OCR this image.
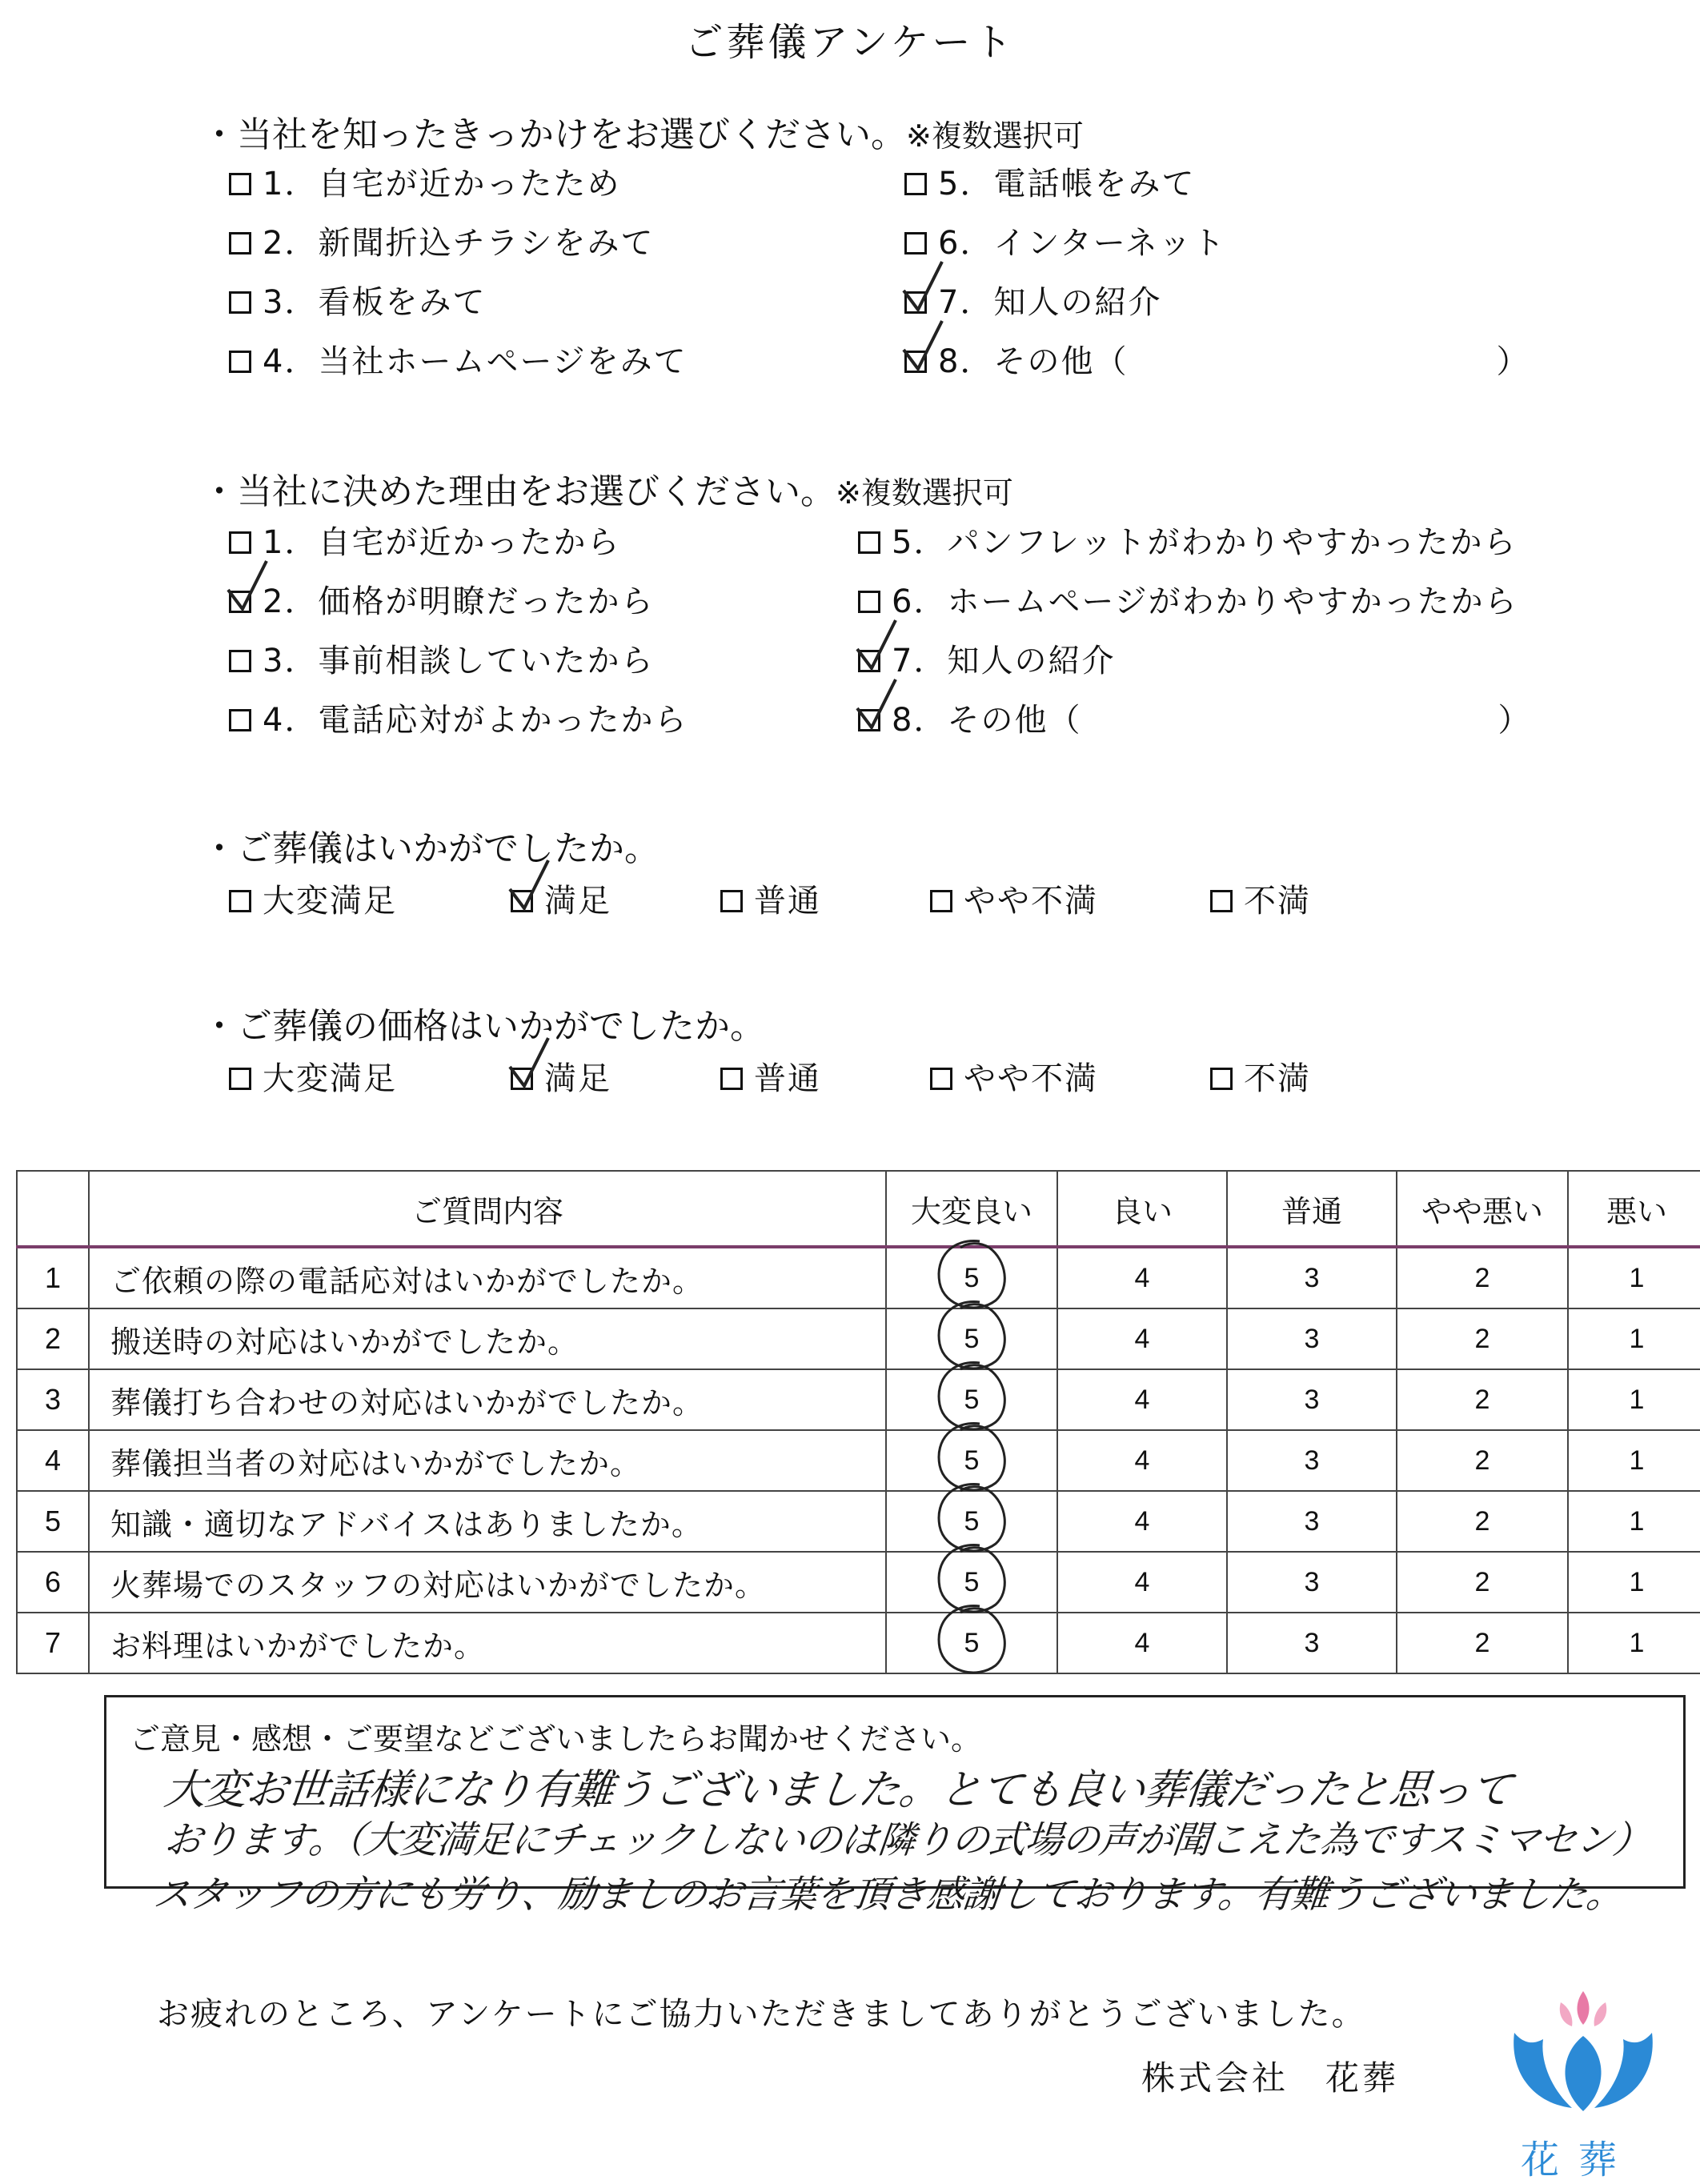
ご葬儀アンケート
・当社を知ったきっかけをお選びください。※複数選択可
1．自宅が近かったため
2．新聞折込チラシをみて
3．看板をみて
4．当社ホームページをみて
5．電話帳をみて
6．インターネット
7．知人の紹介
8．その他（	）
・当社に決めた理由をお選びください。※複数選択可
1．自宅が近かったから
2．価格が明瞭だったから
3．事前相談していたから
4．電話応対がよかったから
5．パンフレットがわかりやすかったから
6．ホームページがわかりやすかったから
7．知人の紹介
8．その他（	）
・ご葬儀はいかがでしたか。
大変満足	満足	普通	やや不満	不満
・ご葬儀の価格はいかがでしたか。
大変満足	満足	普通	やや不満	不満
	ご質問内容	大変良い	良い	普通	やや悪い	悪い
1	ご依頼の際の電話応対はいかがでしたか。	5	4	3	2	1
2	搬送時の対応はいかがでしたか。	5	4	3	2	1
3	葬儀打ち合わせの対応はいかがでしたか。	5	4	3	2	1
4	葬儀担当者の対応はいかがでしたか。	5	4	3	2	1
5	知識・適切なアドバイスはありましたか。	5	4	3	2	1
6	火葬場でのスタッフの対応はいかがでしたか。	5	4	3	2	1
7	お料理はいかがでしたか。	5	4	3	2	1
ご意見・感想・ご要望などございましたらお聞かせください。
大変お世話様になり有難うございました。とても良い葬儀だったと思って
おります。（大変満足にチェックしないのは隣りの式場の声が聞こえた為ですスミマセン）
スタッフの方にも労り、励ましのお言葉を頂き感謝しております。有難うございました。
お疲れのところ、アンケートにご協力いただきましてありがとうございました。
株式会社　花葬
花葬
